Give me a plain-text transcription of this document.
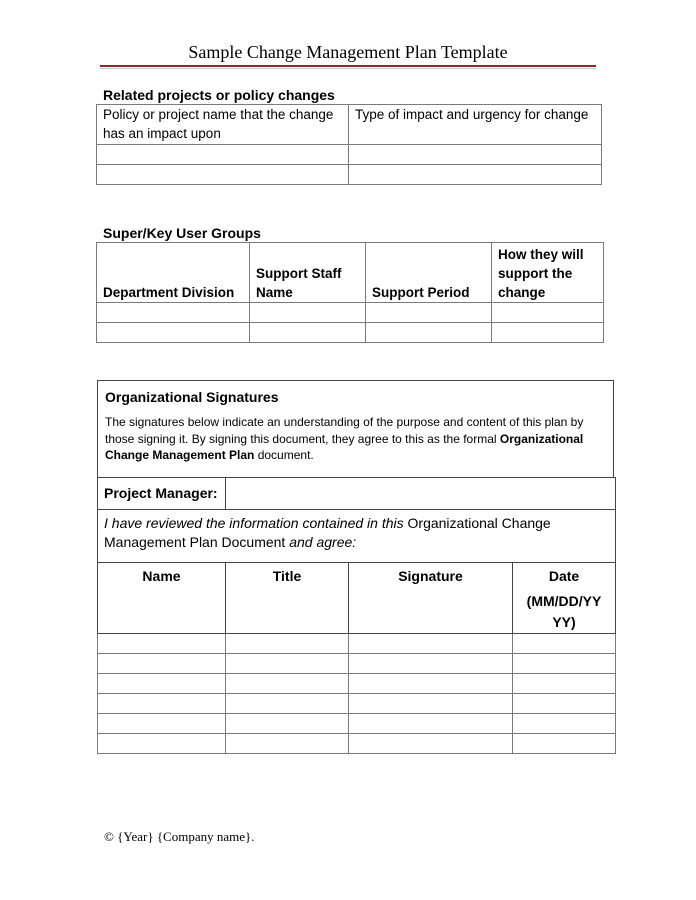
Sample Change Management Plan Template
Related projects or policy changes
Policy or project name that the change has an impact upon	Type of impact and urgency for change

Super/Key User Groups
Department Division	Support Staff Name	Support Period	How they will support the change

Organizational Signatures
The signatures below indicate an understanding of the purpose and content of this plan by those signing it. By signing this document, they agree to this as the formal Organizational Change Management Plan document.
Project Manager:			
I have reviewed the information contained in this Organizational Change Management Plan Document and agree:			
Name	Title	Signature	Date
(MM/DD/YY YY)

© {Year} {Company name}.
